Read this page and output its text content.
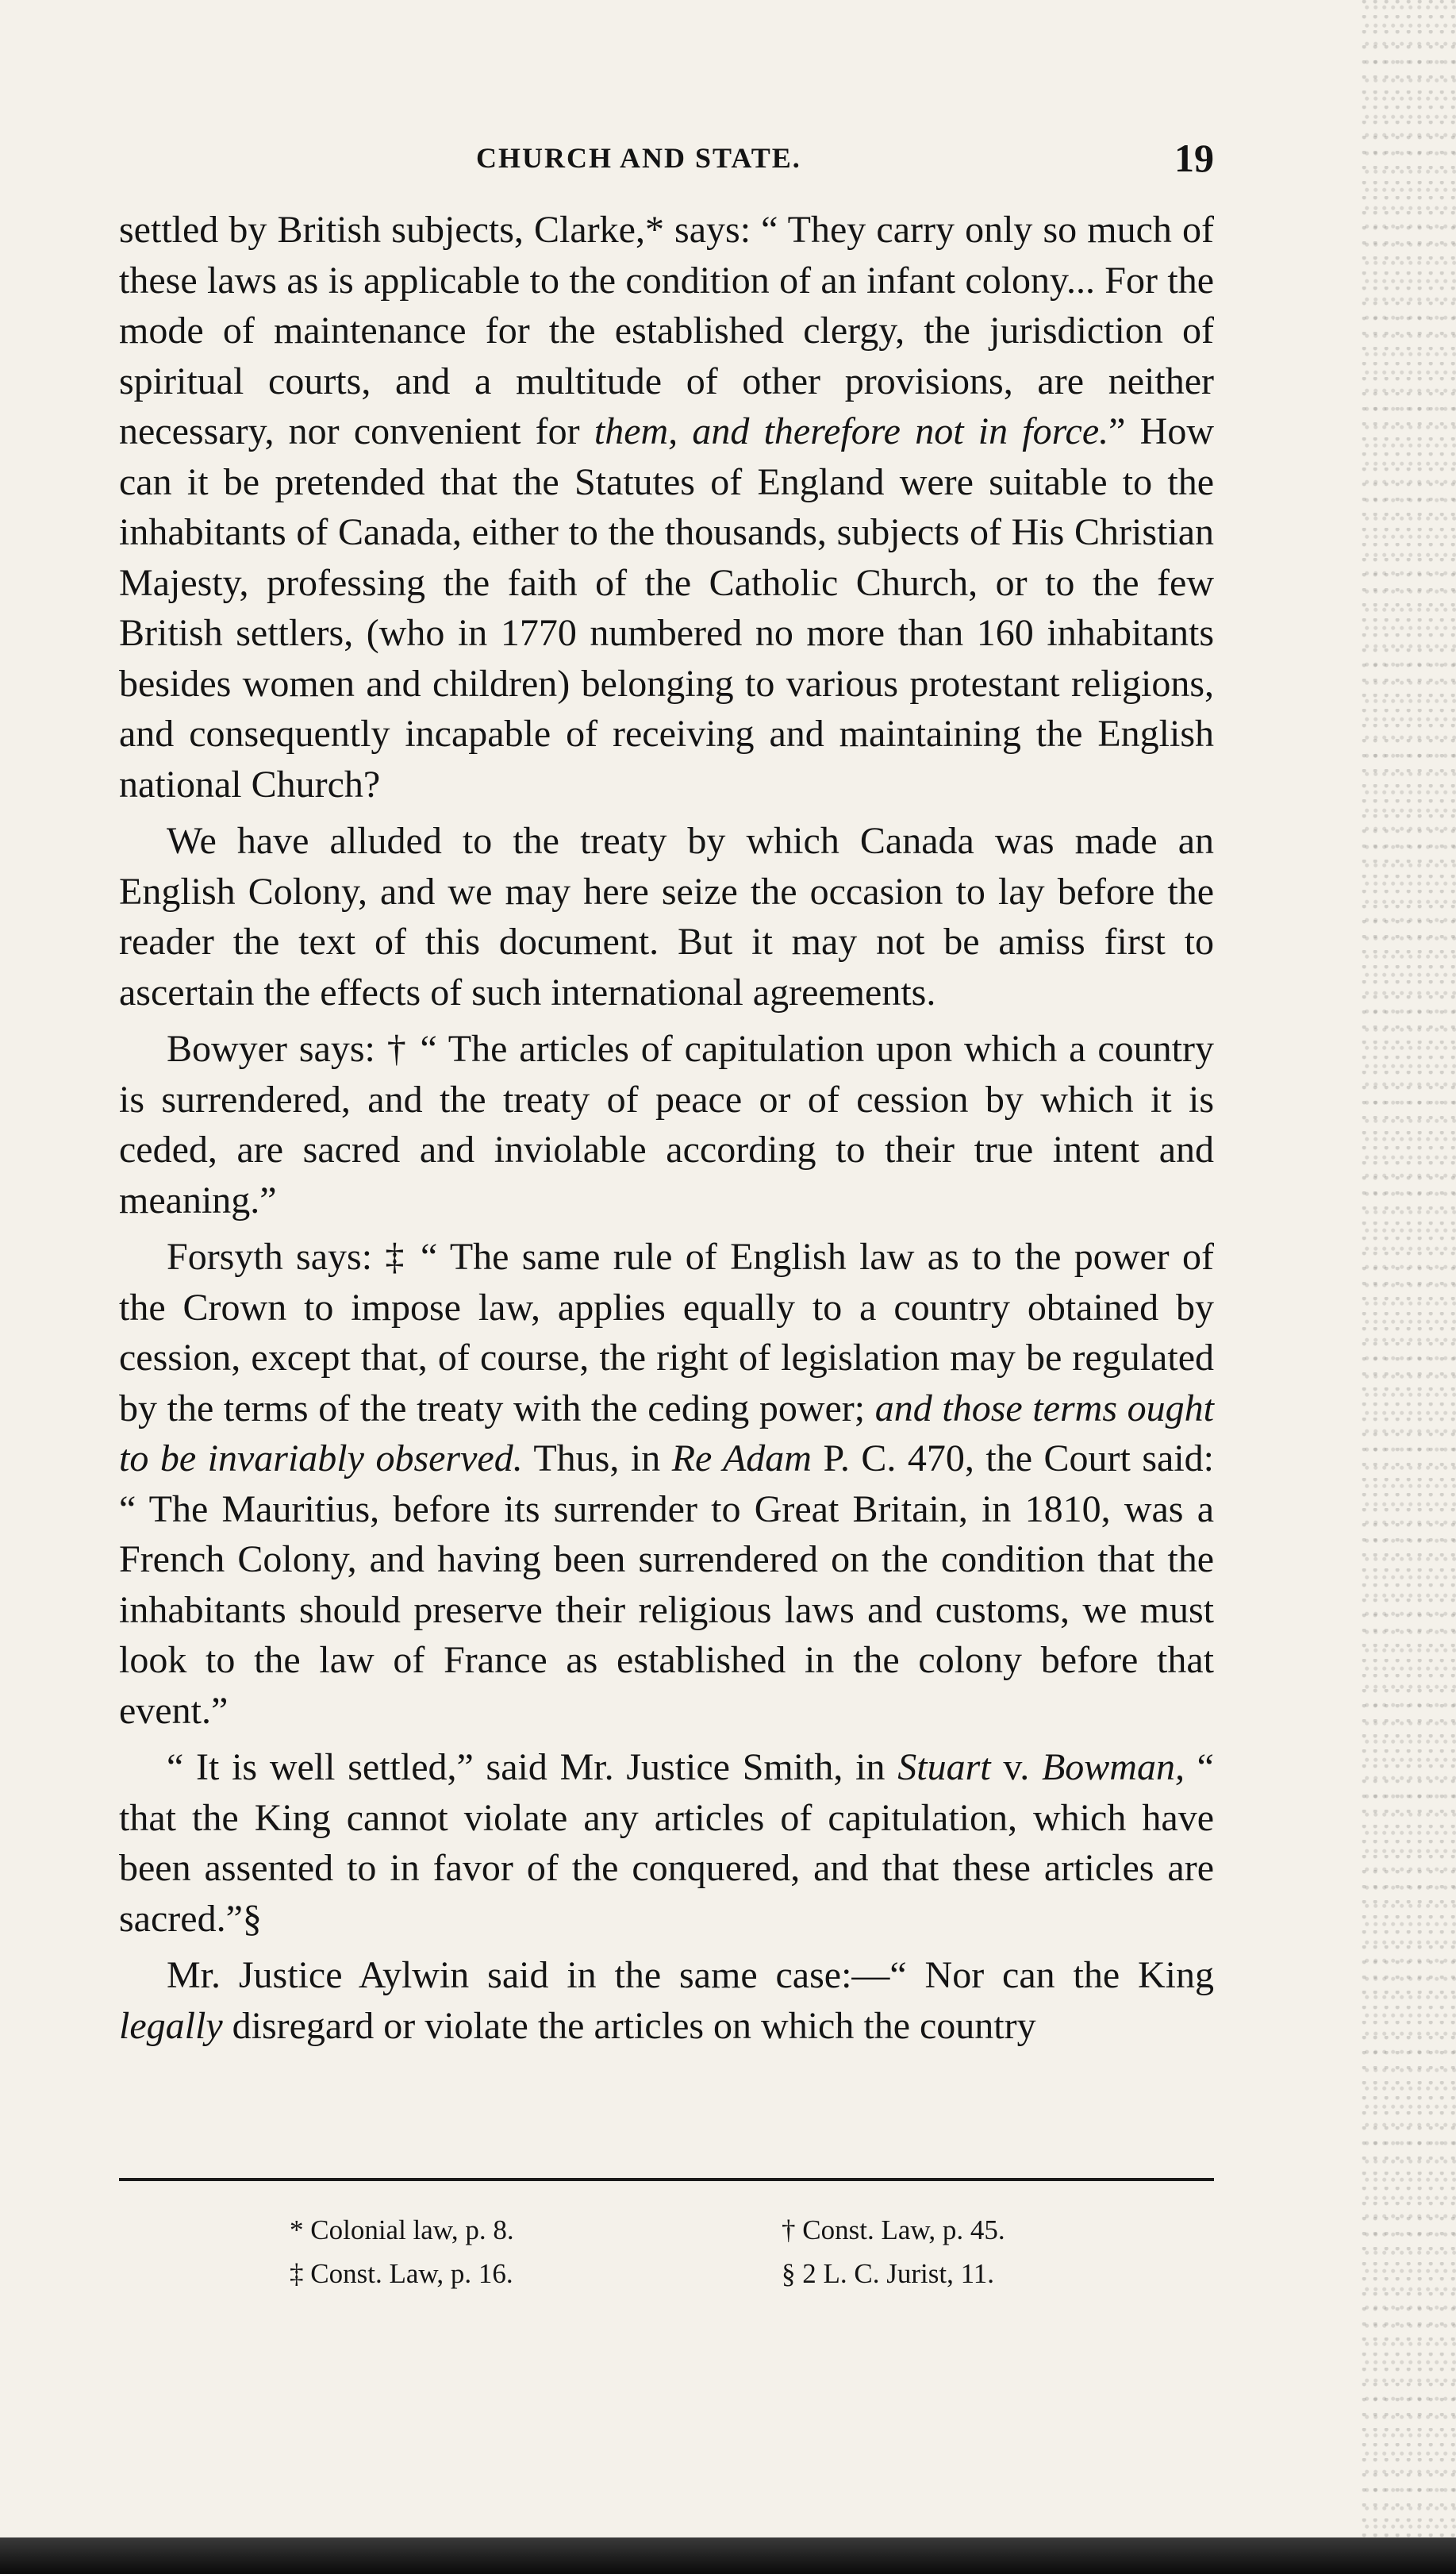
CHURCH AND STATE.	19

settled by British subjects, Clarke,* says: “ They carry only so much of these laws as is applicable to the condition of an infant colony... For the mode of maintenance for the established clergy, the jurisdiction of spiritual courts, and a multitude of other provisions, are neither necessary, nor convenient for them, and therefore not in force.” How can it be pretended that the Statutes of England were suitable to the inhabitants of Canada, either to the thousands, subjects of His Christian Majesty, professing the faith of the Catholic Church, or to the few British settlers, (who in 1770 numbered no more than 160 inhabitants besides women and children) belonging to various protestant religions, and consequently incapable of receiving and maintaining the English national Church?

We have alluded to the treaty by which Canada was made an English Colony, and we may here seize the occasion to lay before the reader the text of this document. But it may not be amiss first to ascertain the effects of such international agreements.

Bowyer says: † “ The articles of capitulation upon which a country is surrendered, and the treaty of peace or of cession by which it is ceded, are sacred and inviolable according to their true intent and meaning.”

Forsyth says: ‡ “ The same rule of English law as to the power of the Crown to impose law, applies equally to a country obtained by cession, except that, of course, the right of legislation may be regulated by the terms of the treaty with the ceding power; and those terms ought to be invariably observed. Thus, in Re Adam P. C. 470, the Court said: “ The Mauritius, before its surrender to Great Britain, in 1810, was a French Colony, and having been surrendered on the condition that the inhabitants should preserve their religious laws and customs, we must look to the law of France as established in the colony before that event.”

“ It is well settled,” said Mr. Justice Smith, in Stuart v. Bowman, “ that the King cannot violate any articles of capitulation, which have been assented to in favor of the conquered, and that these articles are sacred.”§

Mr. Justice Aylwin said in the same case:—“ Nor can the King legally disregard or violate the articles on which the country

* Colonial law, p. 8.	† Const. Law, p. 45.
‡ Const. Law, p. 16.	§ 2 L. C. Jurist, 11.
